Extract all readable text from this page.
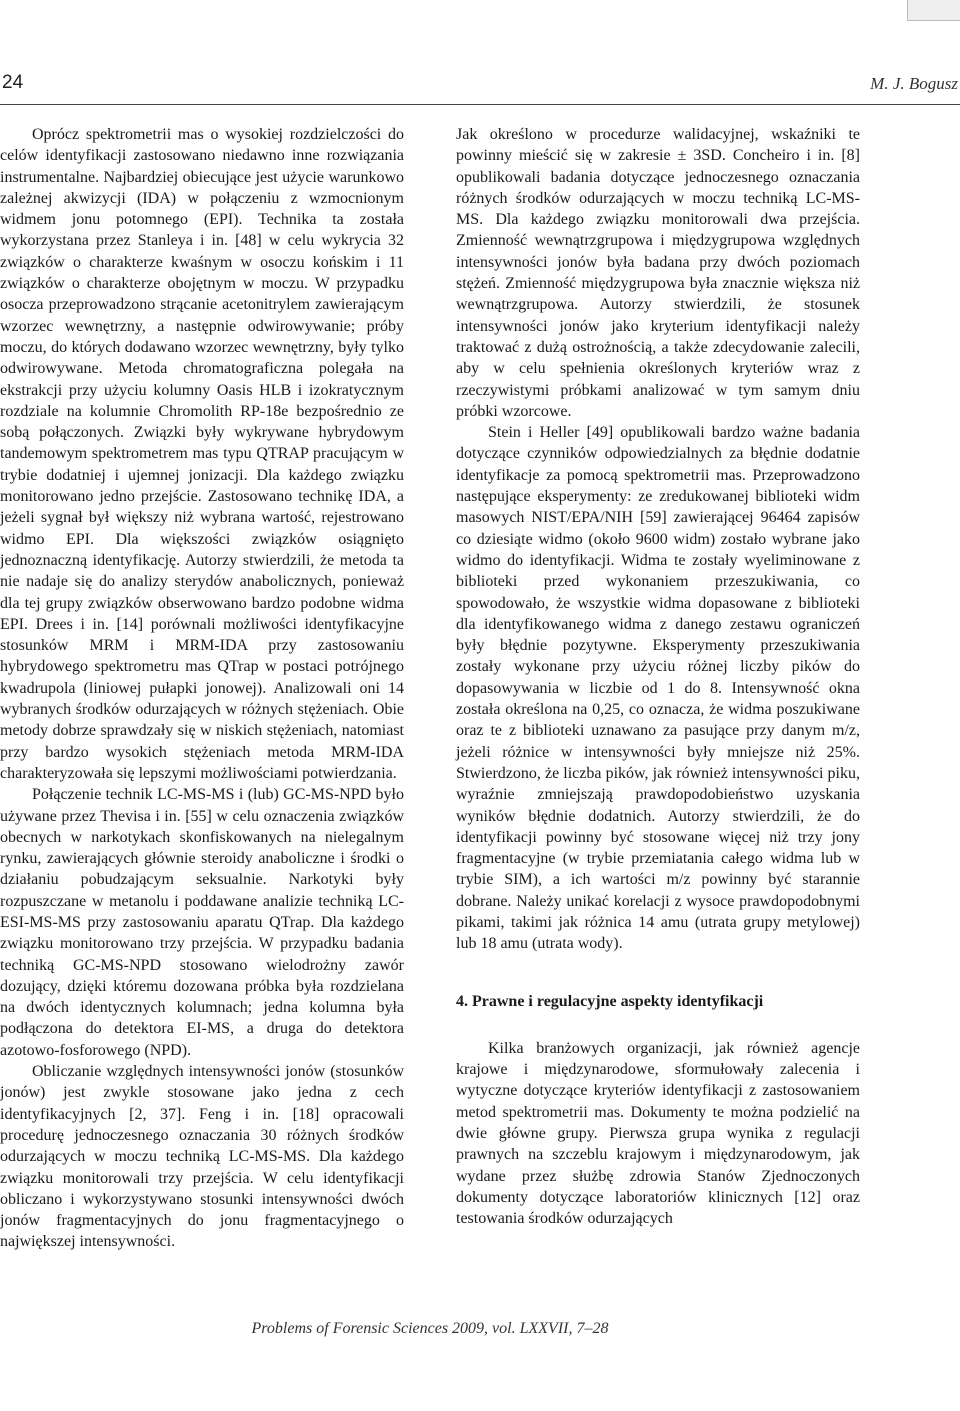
24	M. J. Bogusz

Oprócz spektrometrii mas o wysokiej rozdzielczości do celów identyfikacji zastosowano niedawno inne rozwiązania instrumentalne. Najbardziej obiecujące jest użycie warunkowo zależnej akwizycji (IDA) w połączeniu z wzmocnionym widmem jonu potomnego (EPI). Technika ta została wykorzystana przez Stanleya i in. [48] w celu wykrycia 32 związków o charakterze kwaśnym w osoczu końskim i 11 związków o charakterze obojętnym w moczu. W przypadku osocza przeprowadzono strącanie acetonitrylem zawierającym wzorzec wewnętrzny, a następnie odwirowywanie; próby moczu, do których dodawano wzorzec wewnętrzny, były tylko odwirowywane. Metoda chromatograficzna polegała na ekstrakcji przy użyciu kolumny Oasis HLB i izokratycznym rozdziale na kolumnie Chromolith RP-18e bezpośrednio ze sobą połączonych. Związki były wykrywane hybrydowym tandemowym spektrometrem mas typu QTRAP pracującym w trybie dodatniej i ujemnej jonizacji. Dla każdego związku monitorowano jedno przejście. Zastosowano technikę IDA, a jeżeli sygnał był większy niż wybrana wartość, rejestrowano widmo EPI. Dla większości związków osiągnięto jednoznaczną identyfikację. Autorzy stwierdzili, że metoda ta nie nadaje się do analizy sterydów anabolicznych, ponieważ dla tej grupy związków obserwowano bardzo podobne widma EPI. Drees i in. [14] porównali możliwości identyfikacyjne stosunków MRM i MRM-IDA przy zastosowaniu hybrydowego spektrometru mas QTrap w postaci potrójnego kwadrupola (liniowej pułapki jonowej). Analizowali oni 14 wybranych środków odurzających w różnych stężeniach. Obie metody dobrze sprawdzały się w niskich stężeniach, natomiast przy bardzo wysokich stężeniach metoda MRM-IDA charakteryzowała się lepszymi możliwościami potwierdzania.

Połączenie technik LC-MS-MS i (lub) GC-MS-NPD było używane przez Thevisa i in. [55] w celu oznaczenia związków obecnych w narkotykach skonfiskowanych na nielegalnym rynku, zawierających głównie steroidy anaboliczne i środki o działaniu pobudzającym seksualnie. Narkotyki były rozpuszczane w metanolu i poddawane analizie techniką LC-ESI-MS-MS przy zastosowaniu aparatu QTrap. Dla każdego związku monitorowano trzy przejścia. W przypadku badania techniką GC-MS-NPD stosowano wielodrożny zawór dozujący, dzięki któremu dozowana próbka była rozdzielana na dwóch identycznych kolumnach; jedna kolumna była podłączona do detektora EI-MS, a druga do detektora azotowo-fosforowego (NPD).

Obliczanie względnych intensywności jonów (stosunków jonów) jest zwykle stosowane jako jedna z cech identyfikacyjnych [2, 37]. Feng i in. [18] opracowali procedurę jednoczesnego oznaczania 30 różnych środków odurzających w moczu techniką LC-MS-MS. Dla każdego związku monitorowali trzy przejścia. W celu identyfikacji obliczano i wykorzystywano stosunki intensywności dwóch jonów fragmentacyjnych do jonu fragmentacyjnego o największej intensywności.

Jak określono w procedurze walidacyjnej, wskaźniki te powinny mieścić się w zakresie ± 3SD. Concheiro i in. [8] opublikowali badania dotyczące jednoczesnego oznaczania różnych środków odurzających w moczu techniką LC-MS-MS. Dla każdego związku monitorowali dwa przejścia. Zmienność wewnątrzgrupowa i międzygrupowa względnych intensywności jonów była badana przy dwóch poziomach stężeń. Zmienność międzygrupowa była znacznie większa niż wewnątrzgrupowa. Autorzy stwierdzili, że stosunek intensywności jonów jako kryterium identyfikacji należy traktować z dużą ostrożnością, a także zdecydowanie zalecili, aby w celu spełnienia określonych kryteriów wraz z rzeczywistymi próbkami analizować w tym samym dniu próbki wzorcowe.

Stein i Heller [49] opublikowali bardzo ważne badania dotyczące czynników odpowiedzialnych za błędnie dodatnie identyfikacje za pomocą spektrometrii mas. Przeprowadzono następujące eksperymenty: ze zredukowanej biblioteki widm masowych NIST/EPA/NIH [59] zawierającej 96464 zapisów co dziesiąte widmo (około 9600 widm) zostało wybrane jako widmo do identyfikacji. Widma te zostały wyeliminowane z biblioteki przed wykonaniem przeszukiwania, co spowodowało, że wszystkie widma dopasowane z biblioteki dla identyfikowanego widma z danego zestawu ograniczeń były błędnie pozytywne. Eksperymenty przeszukiwania zostały wykonane przy użyciu różnej liczby pików do dopasowywania w liczbie od 1 do 8. Intensywność okna została określona na 0,25, co oznacza, że widma poszukiwane oraz te z biblioteki uznawano za pasujące przy danym m/z, jeżeli różnice w intensywności były mniejsze niż 25%. Stwierdzono, że liczba pików, jak również intensywności piku, wyraźnie zmniejszają prawdopodobieństwo uzyskania wyników błędnie dodatnich. Autorzy stwierdzili, że do identyfikacji powinny być stosowane więcej niż trzy jony fragmentacyjne (w trybie przemiatania całego widma lub w trybie SIM), a ich wartości m/z powinny być starannie dobrane. Należy unikać korelacji z wysoce prawdopodobnymi pikami, takimi jak różnica 14 amu (utrata grupy metylowej) lub 18 amu (utrata wody).

4. Prawne i regulacyjne aspekty identyfikacji

Kilka branżowych organizacji, jak również agencje krajowe i międzynarodowe, sformułowały zalecenia i wytyczne dotyczące kryteriów identyfikacji z zastosowaniem metod spektrometrii mas. Dokumenty te można podzielić na dwie główne grupy. Pierwsza grupa wynika z regulacji prawnych na szczeblu krajowym i międzynarodowym, jak wydane przez służbę zdrowia Stanów Zjednoczonych dokumenty dotyczące laboratoriów klinicznych [12] oraz testowania środków odurzających

Problems of Forensic Sciences 2009, vol. LXXVII, 7–28
